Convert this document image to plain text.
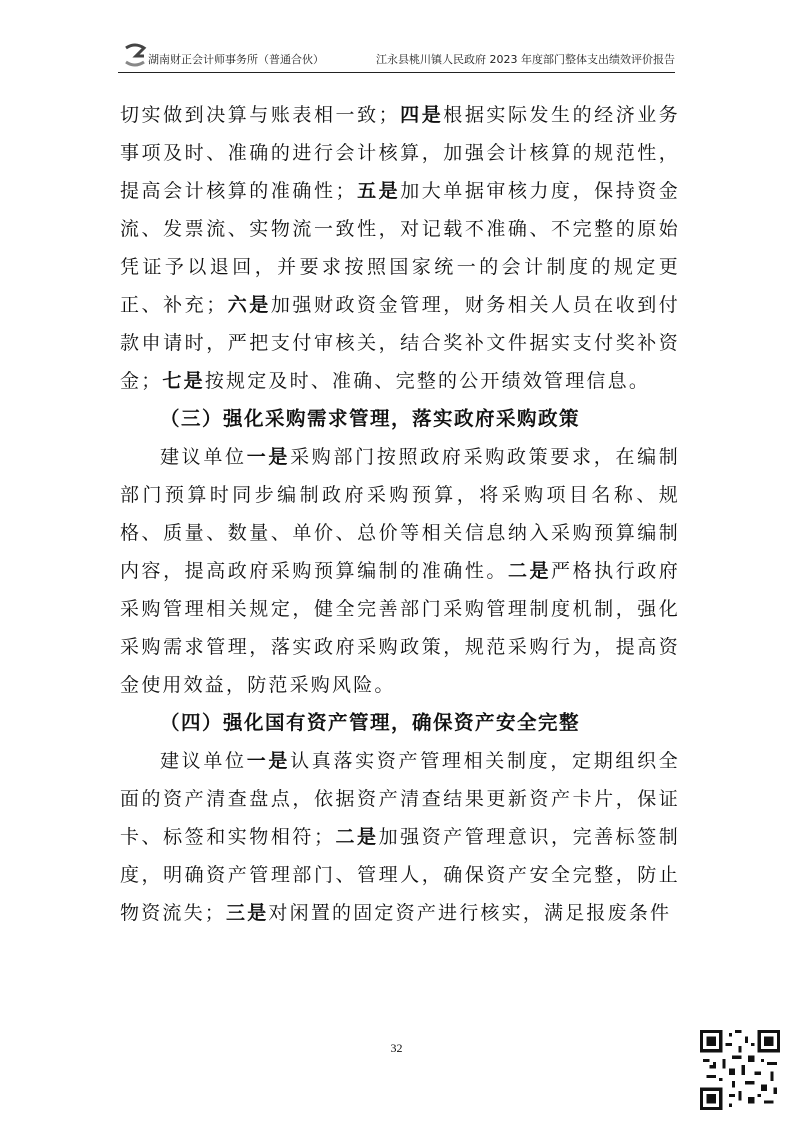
湖南财正会计师事务所（普通合伙）	江永县桃川镇人民政府 2023 年度部门整体支出绩效评价报告

切实做到决算与账表相一致；四是根据实际发生的经济业务事项及时、准确的进行会计核算，加强会计核算的规范性，提高会计核算的准确性；五是加大单据审核力度，保持资金流、发票流、实物流一致性，对记载不准确、不完整的原始凭证予以退回，并要求按照国家统一的会计制度的规定更正、补充；六是加强财政资金管理，财务相关人员在收到付款申请时，严把支付审核关，结合奖补文件据实支付奖补资金；七是按规定及时、准确、完整的公开绩效管理信息。

（三）强化采购需求管理，落实政府采购政策

建议单位一是采购部门按照政府采购政策要求，在编制部门预算时同步编制政府采购预算，将采购项目名称、规格、质量、数量、单价、总价等相关信息纳入采购预算编制内容，提高政府采购预算编制的准确性。二是严格执行政府采购管理相关规定，健全完善部门采购管理制度机制，强化采购需求管理，落实政府采购政策，规范采购行为，提高资金使用效益，防范采购风险。

（四）强化国有资产管理，确保资产安全完整

建议单位一是认真落实资产管理相关制度，定期组织全面的资产清查盘点，依据资产清查结果更新资产卡片，保证卡、标签和实物相符；二是加强资产管理意识，完善标签制度，明确资产管理部门、管理人，确保资产安全完整，防止物资流失；三是对闲置的固定资产进行核实，满足报废条件

32
